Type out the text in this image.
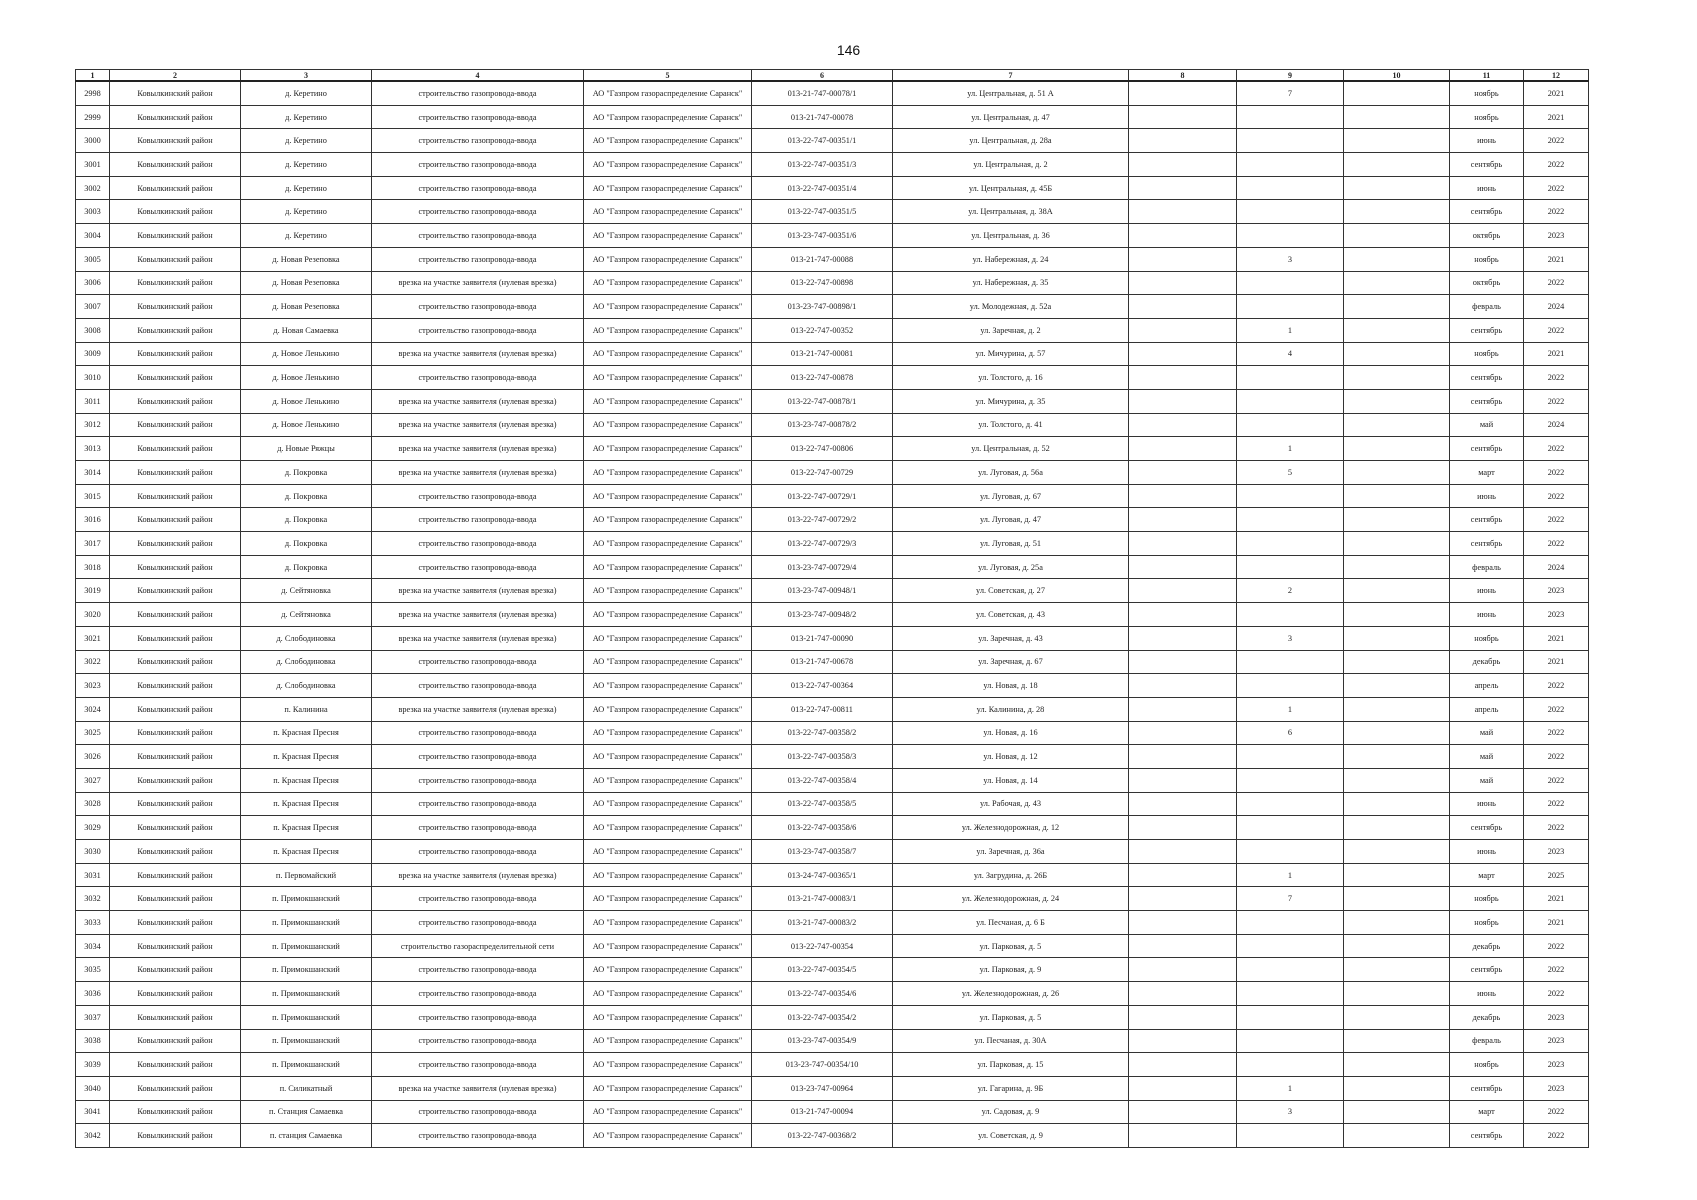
146
1	2	3	4	5	6	7	8	9	10	11	12
2998	Ковылкинский район	д. Керетино	строительство газопровода-ввода	АО "Газпром газораспределение Саранск"	013-21-747-00078/1	ул. Центральная, д. 51 А		7		ноябрь	2021
2999	Ковылкинский район	д. Керетино	строительство газопровода-ввода	АО "Газпром газораспределение Саранск"	013-21-747-00078	ул. Центральная, д. 47				ноябрь	2021
3000	Ковылкинский район	д. Керетино	строительство газопровода-ввода	АО "Газпром газораспределение Саранск"	013-22-747-00351/1	ул. Центральная, д. 28а				июнь	2022
3001	Ковылкинский район	д. Керетино	строительство газопровода-ввода	АО "Газпром газораспределение Саранск"	013-22-747-00351/3	ул. Центральная, д. 2				сентябрь	2022
3002	Ковылкинский район	д. Керетино	строительство газопровода-ввода	АО "Газпром газораспределение Саранск"	013-22-747-00351/4	ул. Центральная, д. 45Б				июнь	2022
3003	Ковылкинский район	д. Керетино	строительство газопровода-ввода	АО "Газпром газораспределение Саранск"	013-22-747-00351/5	ул. Центральная, д. 38А				сентябрь	2022
3004	Ковылкинский район	д. Керетино	строительство газопровода-ввода	АО "Газпром газораспределение Саранск"	013-23-747-00351/6	ул. Центральная, д. 36				октябрь	2023
3005	Ковылкинский район	д. Новая Резеповка	строительство газопровода-ввода	АО "Газпром газораспределение Саранск"	013-21-747-00088	ул. Набережная, д. 24		3		ноябрь	2021
3006	Ковылкинский район	д. Новая Резеповка	врезка на участке заявителя (нулевая врезка)	АО "Газпром газораспределение Саранск"	013-22-747-00898	ул. Набережная, д. 35				октябрь	2022
3007	Ковылкинский район	д. Новая Резеповка	строительство газопровода-ввода	АО "Газпром газораспределение Саранск"	013-23-747-00898/1	ул. Молодежная, д. 52а				февраль	2024
3008	Ковылкинский район	д. Новая Самаевка	строительство газопровода-ввода	АО "Газпром газораспределение Саранск"	013-22-747-00352	ул. Заречная, д. 2		1		сентябрь	2022
3009	Ковылкинский район	д. Новое Ленькино	врезка на участке заявителя (нулевая врезка)	АО "Газпром газораспределение Саранск"	013-21-747-00081	ул. Мичурина, д. 57		4		ноябрь	2021
3010	Ковылкинский район	д. Новое Ленькино	строительство газопровода-ввода	АО "Газпром газораспределение Саранск"	013-22-747-00878	ул. Толстого, д. 16				сентябрь	2022
3011	Ковылкинский район	д. Новое Ленькино	врезка на участке заявителя (нулевая врезка)	АО "Газпром газораспределение Саранск"	013-22-747-00878/1	ул. Мичурина, д. 35				сентябрь	2022
3012	Ковылкинский район	д. Новое Ленькино	врезка на участке заявителя (нулевая врезка)	АО "Газпром газораспределение Саранск"	013-23-747-00878/2	ул. Толстого, д. 41				май	2024
3013	Ковылкинский район	д. Новые Ряжцы	врезка на участке заявителя (нулевая врезка)	АО "Газпром газораспределение Саранск"	013-22-747-00806	ул. Центральная, д. 52		1		сентябрь	2022
3014	Ковылкинский район	д. Покровка	врезка на участке заявителя (нулевая врезка)	АО "Газпром газораспределение Саранск"	013-22-747-00729	ул. Луговая, д. 56а		5		март	2022
3015	Ковылкинский район	д. Покровка	строительство газопровода-ввода	АО "Газпром газораспределение Саранск"	013-22-747-00729/1	ул. Луговая, д. 67				июнь	2022
3016	Ковылкинский район	д. Покровка	строительство газопровода-ввода	АО "Газпром газораспределение Саранск"	013-22-747-00729/2	ул. Луговая, д. 47				сентябрь	2022
3017	Ковылкинский район	д. Покровка	строительство газопровода-ввода	АО "Газпром газораспределение Саранск"	013-22-747-00729/3	ул. Луговая, д. 51				сентябрь	2022
3018	Ковылкинский район	д. Покровка	строительство газопровода-ввода	АО "Газпром газораспределение Саранск"	013-23-747-00729/4	ул. Луговая, д. 25а				февраль	2024
3019	Ковылкинский район	д. Сейтяновка	врезка на участке заявителя (нулевая врезка)	АО "Газпром газораспределение Саранск"	013-23-747-00948/1	ул. Советская, д. 27		2		июнь	2023
3020	Ковылкинский район	д. Сейтяновка	врезка на участке заявителя (нулевая врезка)	АО "Газпром газораспределение Саранск"	013-23-747-00948/2	ул. Советская, д. 43				июнь	2023
3021	Ковылкинский район	д. Слободиновка	врезка на участке заявителя (нулевая врезка)	АО "Газпром газораспределение Саранск"	013-21-747-00090	ул. Заречная, д. 43		3		ноябрь	2021
3022	Ковылкинский район	д. Слободиновка	строительство газопровода-ввода	АО "Газпром газораспределение Саранск"	013-21-747-00678	ул. Заречная, д. 67				декабрь	2021
3023	Ковылкинский район	д. Слободиновка	строительство газопровода-ввода	АО "Газпром газораспределение Саранск"	013-22-747-00364	ул. Новая, д. 18				апрель	2022
3024	Ковылкинский район	п. Калинина	врезка на участке заявителя (нулевая врезка)	АО "Газпром газораспределение Саранск"	013-22-747-00811	ул. Калинина, д. 28		1		апрель	2022
3025	Ковылкинский район	п. Красная Пресня	строительство газопровода-ввода	АО "Газпром газораспределение Саранск"	013-22-747-00358/2	ул. Новая, д. 16		6		май	2022
3026	Ковылкинский район	п. Красная Пресня	строительство газопровода-ввода	АО "Газпром газораспределение Саранск"	013-22-747-00358/3	ул. Новая, д. 12				май	2022
3027	Ковылкинский район	п. Красная Пресня	строительство газопровода-ввода	АО "Газпром газораспределение Саранск"	013-22-747-00358/4	ул. Новая, д. 14				май	2022
3028	Ковылкинский район	п. Красная Пресня	строительство газопровода-ввода	АО "Газпром газораспределение Саранск"	013-22-747-00358/5	ул. Рабочая, д. 43				июнь	2022
3029	Ковылкинский район	п. Красная Пресня	строительство газопровода-ввода	АО "Газпром газораспределение Саранск"	013-22-747-00358/6	ул. Железнодорожная, д. 12				сентябрь	2022
3030	Ковылкинский район	п. Красная Пресня	строительство газопровода-ввода	АО "Газпром газораспределение Саранск"	013-23-747-00358/7	ул. Заречная, д. 36а				июнь	2023
3031	Ковылкинский район	п. Первомайский	врезка на участке заявителя (нулевая врезка)	АО "Газпром газораспределение Саранск"	013-24-747-00365/1	ул. Загрудина, д. 26Б		1		март	2025
3032	Ковылкинский район	п. Примокшанский	строительство газопровода-ввода	АО "Газпром газораспределение Саранск"	013-21-747-00083/1	ул. Железнодорожная, д. 24		7		ноябрь	2021
3033	Ковылкинский район	п. Примокшанский	строительство газопровода-ввода	АО "Газпром газораспределение Саранск"	013-21-747-00083/2	ул. Песчаная, д. 6 Б				ноябрь	2021
3034	Ковылкинский район	п. Примокшанский	строительство газораспределительной сети	АО "Газпром газораспределение Саранск"	013-22-747-00354	ул. Парковая, д. 5				декабрь	2022
3035	Ковылкинский район	п. Примокшанский	строительство газопровода-ввода	АО "Газпром газораспределение Саранск"	013-22-747-00354/5	ул. Парковая, д. 9				сентябрь	2022
3036	Ковылкинский район	п. Примокшанский	строительство газопровода-ввода	АО "Газпром газораспределение Саранск"	013-22-747-00354/6	ул. Железнодорожная, д. 26				июнь	2022
3037	Ковылкинский район	п. Примокшанский	строительство газопровода-ввода	АО "Газпром газораспределение Саранск"	013-22-747-00354/2	ул. Парковая, д. 5				декабрь	2023
3038	Ковылкинский район	п. Примокшанский	строительство газопровода-ввода	АО "Газпром газораспределение Саранск"	013-23-747-00354/9	ул. Песчаная, д. 30А				февраль	2023
3039	Ковылкинский район	п. Примокшанский	строительство газопровода-ввода	АО "Газпром газораспределение Саранск"	013-23-747-00354/10	ул. Парковая, д. 15				ноябрь	2023
3040	Ковылкинский район	п. Силикатный	врезка на участке заявителя (нулевая врезка)	АО "Газпром газораспределение Саранск"	013-23-747-00964	ул. Гагарина, д. 9Б		1		сентябрь	2023
3041	Ковылкинский район	п. Станция Самаевка	строительство газопровода-ввода	АО "Газпром газораспределение Саранск"	013-21-747-00094	ул. Садовая, д. 9		3		март	2022
3042	Ковылкинский район	п. станция Самаевка	строительство газопровода-ввода	АО "Газпром газораспределение Саранск"	013-22-747-00368/2	ул. Советская, д. 9				сентябрь	2022
